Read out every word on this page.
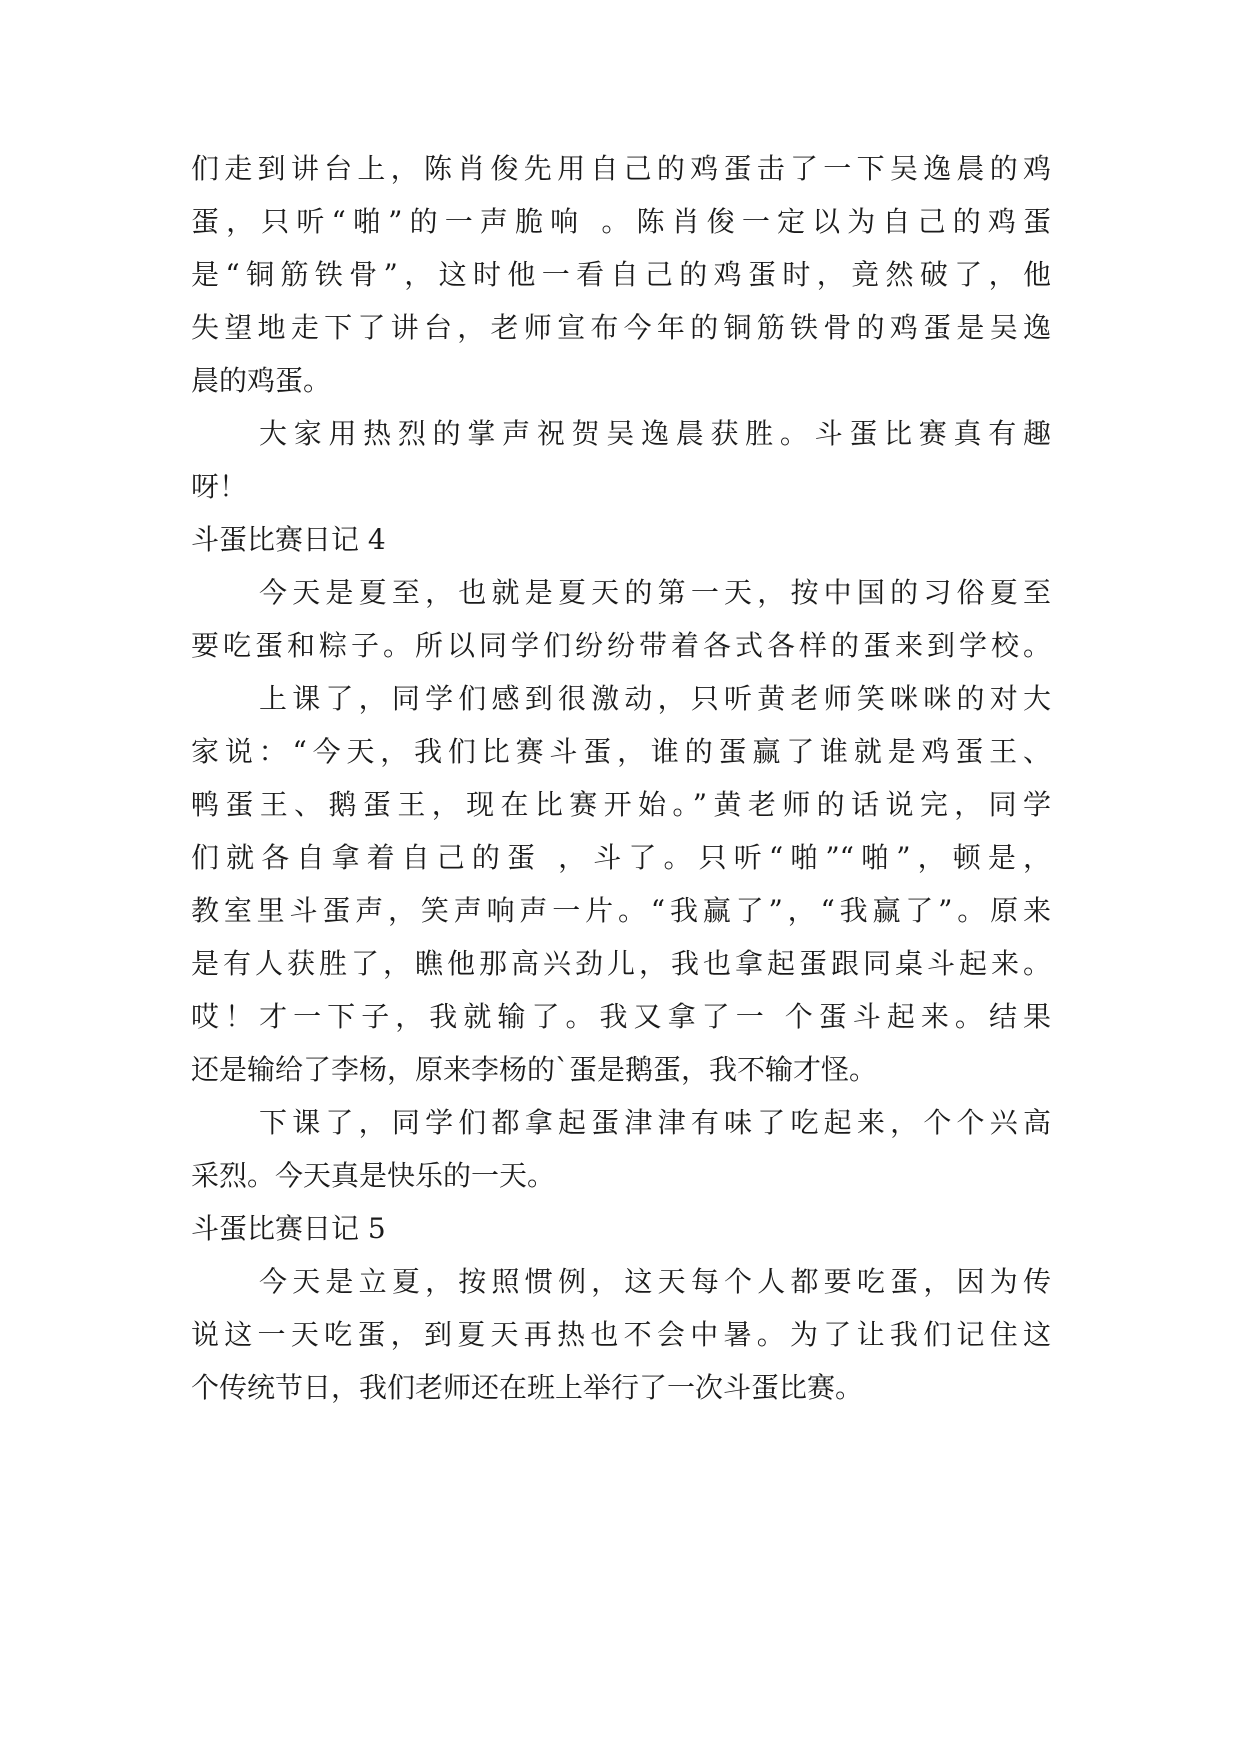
们走到讲台上，陈肖俊先用自己的鸡蛋击了一下吴逸晨的鸡
蛋，只听“啪”的一声脆响 。陈肖俊一定以为自己的鸡蛋
是“铜筋铁骨”，这时他一看自己的鸡蛋时，竟然破了，他
失望地走下了讲台，老师宣布今年的铜筋铁骨的鸡蛋是吴逸
晨的鸡蛋。
大家用热烈的掌声祝贺吴逸晨获胜。斗蛋比赛真有趣
呀！
斗蛋比赛日记 4
今天是夏至，也就是夏天的第一天，按中国的习俗夏至
要吃蛋和粽子。所以同学们纷纷带着各式各样的蛋来到学校。
上课了，同学们感到很激动，只听黄老师笑咪咪的对大
家说：“今天，我们比赛斗蛋，谁的蛋赢了谁就是鸡蛋王、
鸭蛋王、鹅蛋王，现在比赛开始。”黄老师的话说完，同学
们就各自拿着自己的蛋 ，斗了。只听“啪”“啪”，顿是，
教室里斗蛋声，笑声响声一片。“我赢了”，“我赢了”。原来
是有人获胜了，瞧他那高兴劲儿，我也拿起蛋跟同桌斗起来。
哎！才一下子，我就输了。我又拿了一 个蛋斗起来。结果
还是输给了李杨，原来李杨的`蛋是鹅蛋，我不输才怪。
下课了，同学们都拿起蛋津津有味了吃起来，个个兴高
采烈。今天真是快乐的一天。
斗蛋比赛日记 5
今天是立夏，按照惯例，这天每个人都要吃蛋，因为传
说这一天吃蛋，到夏天再热也不会中暑。为了让我们记住这
个传统节日，我们老师还在班上举行了一次斗蛋比赛。
